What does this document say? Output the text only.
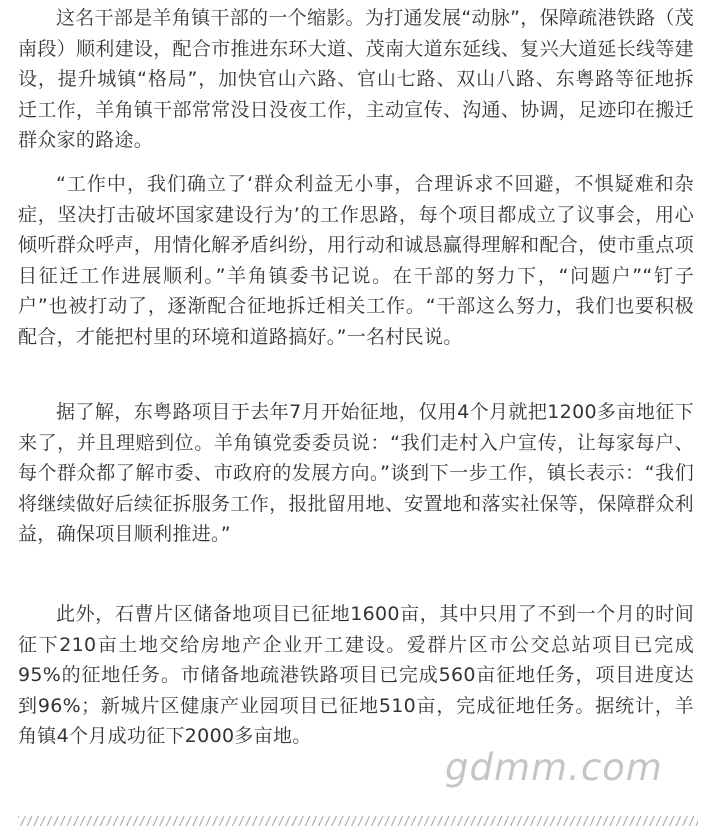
这名干部是羊角镇干部的一个缩影。为打通发展“动脉”，保障疏港铁路（茂南段）顺利建设，配合市推进东环大道、茂南大道东延线、复兴大道延长线等建设，提升城镇“格局”，加快官山六路、官山七路、双山八路、东粤路等征地拆迁工作，羊角镇干部常常没日没夜工作，主动宣传、沟通、协调，足迹印在搬迁群众家的路途。

“工作中，我们确立了‘群众利益无小事，合理诉求不回避，不惧疑难和杂症，坚决打击破坏国家建设行为’的工作思路，每个项目都成立了议事会，用心倾听群众呼声，用情化解矛盾纠纷，用行动和诚恳赢得理解和配合，使市重点项目征迁工作进展顺利。”羊角镇委书记说。在干部的努力下，“问题户”“钉子户”也被打动了，逐渐配合征地拆迁相关工作。“干部这么努力，我们也要积极配合，才能把村里的环境和道路搞好。”一名村民说。

据了解，东粤路项目于去年7月开始征地，仅用4个月就把1200多亩地征下来了，并且理赔到位。羊角镇党委委员说：“我们走村入户宣传，让每家每户、每个群众都了解市委、市政府的发展方向。”谈到下一步工作，镇长表示：“我们将继续做好后续征拆服务工作，报批留用地、安置地和落实社保等，保障群众利益，确保项目顺利推进。”

此外，石曹片区储备地项目已征地1600亩，其中只用了不到一个月的时间征下210亩土地交给房地产企业开工建设。爱群片区市公交总站项目已完成95%的征地任务。市储备地疏港铁路项目已完成560亩征地任务，项目进度达到96%；新城片区健康产业园项目已征地510亩，完成征地任务。据统计，羊角镇4个月成功征下2000多亩地。

gdmm.com
